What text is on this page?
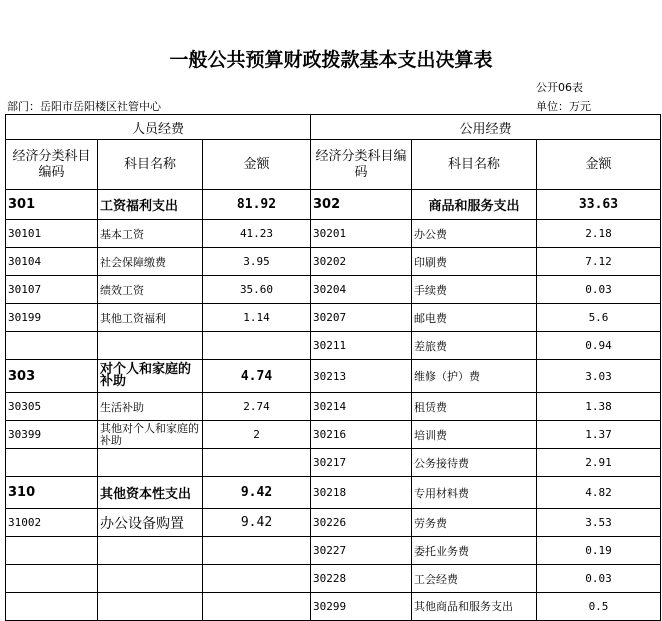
一般公共预算财政拨款基本支出决算表
公开06表
部门：岳阳市岳阳楼区社管中心	单位：万元
人员经费			公用经费		
经济分类科目编码	科目名称	金额	经济分类科目编码	科目名称	金额
301	工资福利支出	81.92	302	商品和服务支出	33.63
30101	基本工资	41.23	30201	办公费	2.18
30104	社会保障缴费	3.95	30202	印刷费	7.12
30107	绩效工资	35.60	30204	手续费	0.03
30199	其他工资福利	1.14	30207	邮电费	5.6
			30211	差旅费	0.94
303	对个人和家庭的补助	4.74	30213	维修（护）费	3.03
30305	生活补助	2.74	30214	租赁费	1.38
30399	其他对个人和家庭的补助	2	30216	培训费	1.37
			30217	公务接待费	2.91
310	其他资本性支出	9.42	30218	专用材料费	4.82
31002	办公设备购置	9.42	30226	劳务费	3.53
			30227	委托业务费	0.19
			30228	工会经费	0.03
			30299	其他商品和服务支出	0.5
